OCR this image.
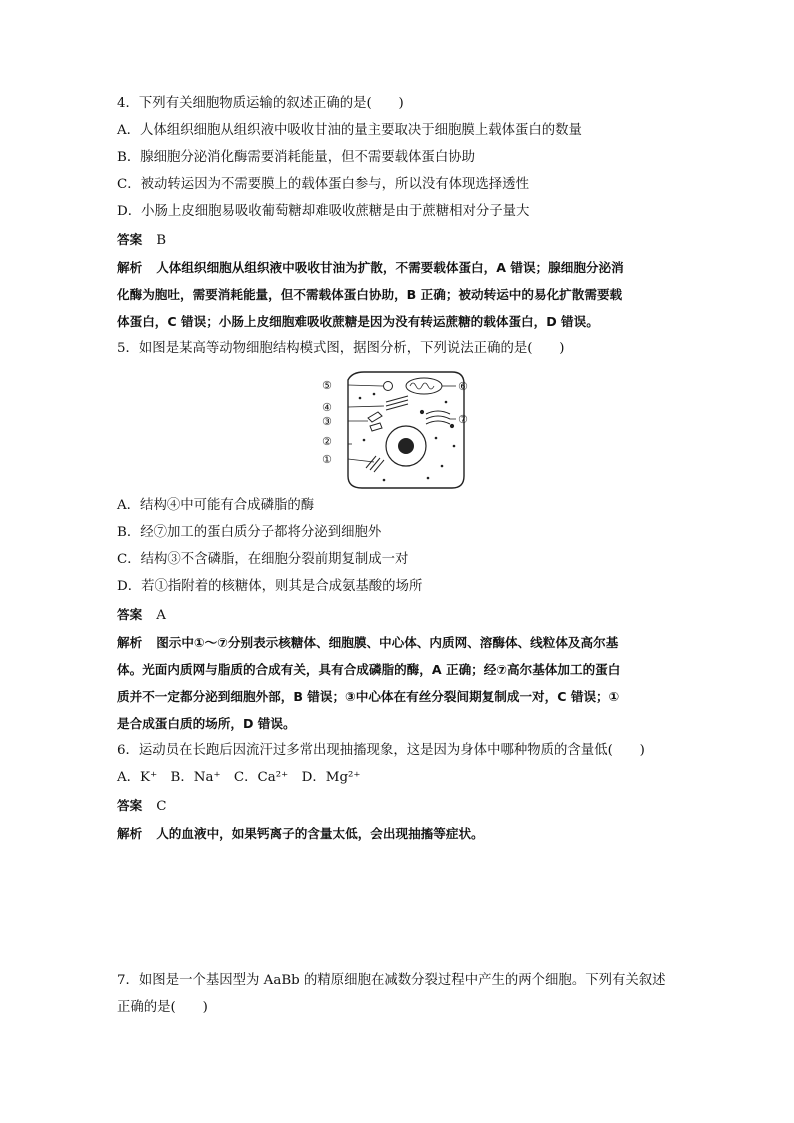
4．下列有关细胞物质运输的叙述正确的是(　　)
A．人体组织细胞从组织液中吸收甘油的量主要取决于细胞膜上载体蛋白的数量
B．腺细胞分泌消化酶需要消耗能量，但不需要载体蛋白协助
C．被动转运因为不需要膜上的载体蛋白参与，所以没有体现选择透性
D．小肠上皮细胞易吸收葡萄糖却难吸收蔗糖是由于蔗糖相对分子量大
答案 B
解析 人体组织细胞从组织液中吸收甘油为扩散，不需要载体蛋白，A 错误；腺细胞分泌消
化酶为胞吐，需要消耗能量，但不需载体蛋白协助，B 正确；被动转运中的易化扩散需要载
体蛋白，C 错误；小肠上皮细胞难吸收蔗糖是因为没有转运蔗糖的载体蛋白，D 错误。
5．如图是某高等动物细胞结构模式图，据图分析，下列说法正确的是(　　)
⑤
④
③
②
①
⑥
⑦
A．结构④中可能有合成磷脂的酶
B．经⑦加工的蛋白质分子都将分泌到细胞外
C．结构③不含磷脂，在细胞分裂前期复制成一对
D．若①指附着的核糖体，则其是合成氨基酸的场所
答案 A
解析 图示中①～⑦分别表示核糖体、细胞膜、中心体、内质网、溶酶体、线粒体及高尔基
体。光面内质网与脂质的合成有关，具有合成磷脂的酶，A 正确；经⑦高尔基体加工的蛋白
质并不一定都分泌到细胞外部，B 错误；③中心体在有丝分裂间期复制成一对，C 错误；①
是合成蛋白质的场所，D 错误。
6．运动员在长跑后因流汗过多常出现抽搐现象，这是因为身体中哪种物质的含量低(　　)
A．K⁺　B．Na⁺　C．Ca²⁺　D．Mg²⁺
答案 C
解析 人的血液中，如果钙离子的含量太低，会出现抽搐等症状。
7．如图是一个基因型为 AaBb 的精原细胞在减数分裂过程中产生的两个细胞。下列有关叙述
正确的是(　　)
